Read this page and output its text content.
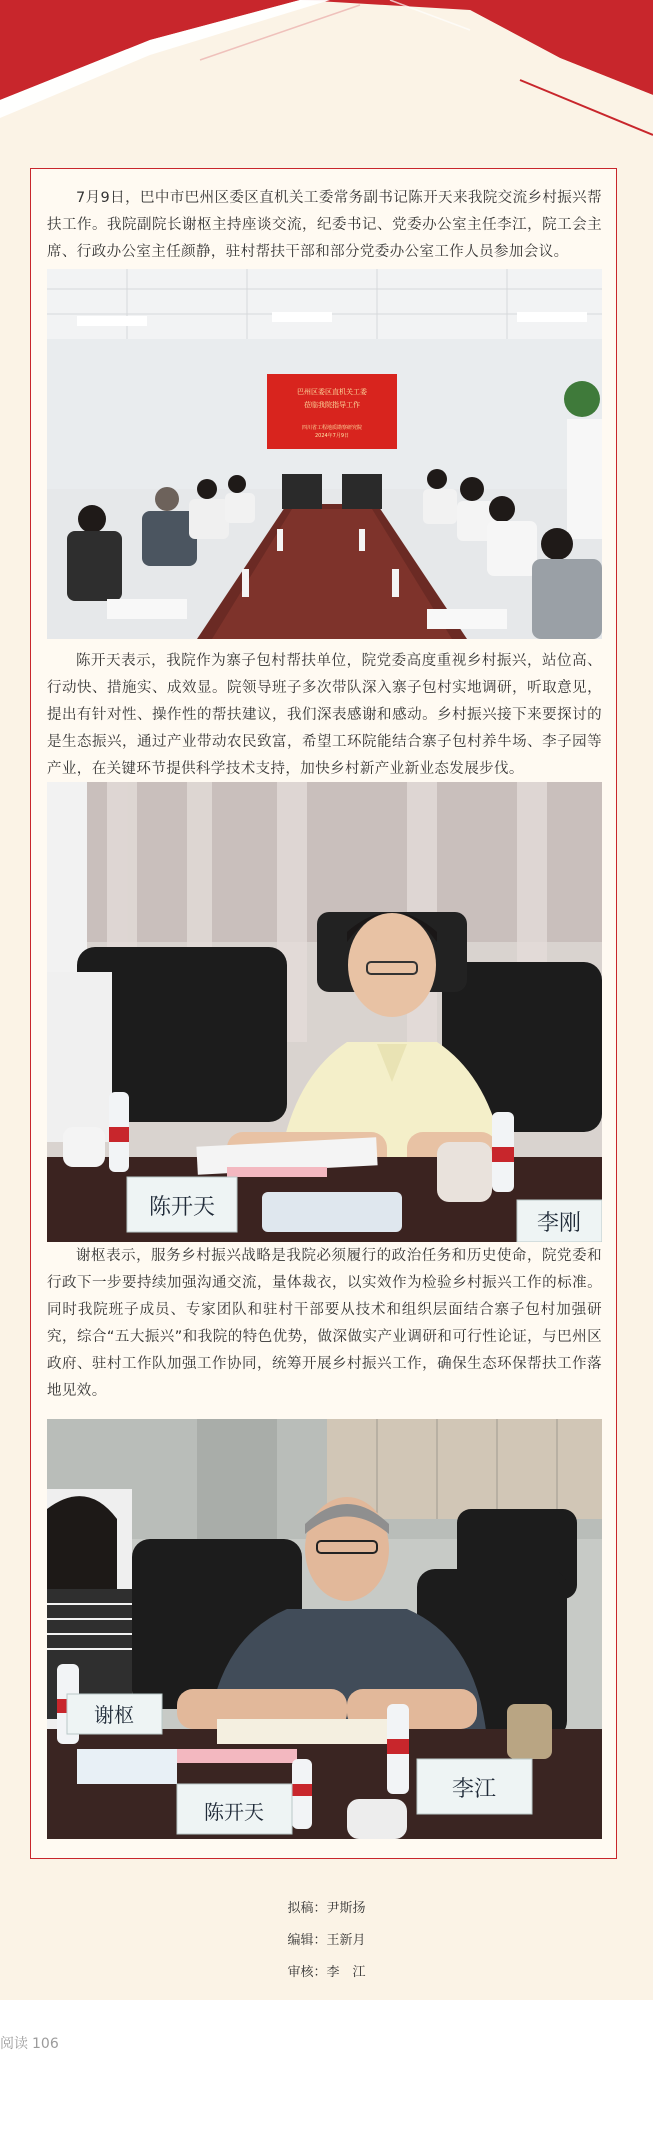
7月9日，巴中市巴州区委区直机关工委常务副书记陈开天来我院交流乡村振兴帮扶工作。我院副院长谢枢主持座谈交流，纪委书记、党委办公室主任李江，院工会主席、行政办公室主任颜静，驻村帮扶干部和部分党委办公室工作人员参加会议。

巴州区委区直机关工委
莅临我院指导工作
四川省工程地质勘察研究院
2024年7月9日

陈开天表示，我院作为寨子包村帮扶单位，院党委高度重视乡村振兴，站位高、行动快、措施实、成效显。院领导班子多次带队深入寨子包村实地调研，听取意见，提出有针对性、操作性的帮扶建议，我们深表感谢和感动。乡村振兴接下来要探讨的是生态振兴，通过产业带动农民致富，希望工环院能结合寨子包村养牛场、李子园等产业，在关键环节提供科学技术支持，加快乡村新产业新业态发展步伐。

陈开天
李刚

谢枢表示，服务乡村振兴战略是我院必须履行的政治任务和历史使命，院党委和行政下一步要持续加强沟通交流，量体裁衣，以实效作为检验乡村振兴工作的标准。同时我院班子成员、专家团队和驻村干部要从技术和组织层面结合寨子包村加强研究，综合“五大振兴”和我院的特色优势，做深做实产业调研和可行性论证，与巴州区政府、驻村工作队加强工作协同，统筹开展乡村振兴工作，确保生态环保帮扶工作落地见效。

谢枢
陈开天
李江
拟稿：尹斯扬
编辑：王新月
审核：李　江
阅读 106
